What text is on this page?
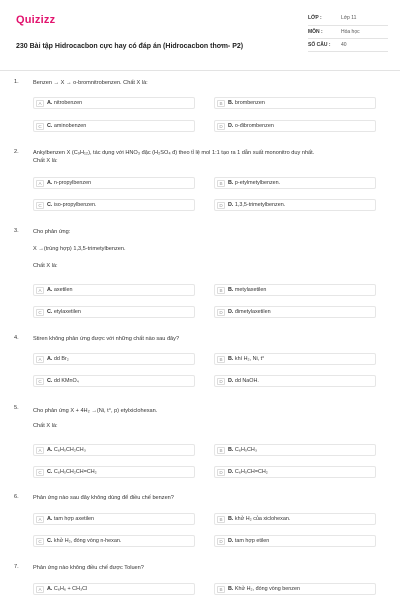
Quizizz
230 Bài tập Hidrocacbon cực hay có đáp án (Hidrocacbon thơm- P2)
LỚP :	Lớp 11
MÔN :	Hóa học
SỐ CÂU :	40
1.	Benzen → X → o-bromnitrobenzen. Chất X là:
A	A. nitrobenzen	B	B. brombenzen
C C. aminobenzen	D D. o-đibrombenzen
2.	Ankylbenzen X (C₉H₁₂), tác dụng với HNO₃ đặc (H₂SO₄ đ) theo tỉ lệ mol 1:1 tạo ra 1 dẫn xuất mononitro duy nhất.
Chất X là:
A	A. n-propylbenzen	B	B. p-etylmetylbenzen.
C C. iso-propylbenzen.	D D. 1,3,5-trimetylbenzen.
3.	Cho phản ứng:
X →(trùng hợp) 1,3,5-trimetylbenzen.
Chất X là:
A	A. axetilen	B	B. metylaxetilen
C C. etylaxetilen	D D. đimetylaxetilen
4.	Stiren không phản ứng được với những chất nào sau đây?
A	A. dd Br₂	B	B. khí H₂, Ni, t°
C C. dd KMnO₄	D D. dd NaOH.
5.	Cho phản ứng X + 4H₂ →(Ni, t°, p) etylxiclohexan.
Chất X là:
A	A. C₆H₅CH₂CH₃	B	B. C₆H₅CH₃
C C. C₆H₅CH₂CH=CH₂	D D. C₆H₅CH=CH₂
6.	Phản ứng nào sau đây không dùng để điều chế benzen?
A	A. tam hợp axetilen	B	B. khử H₂ của xiclohexan.
C C. khử H₂, đóng vòng n-hexan.	D D. tam hợp etilen
7.	Phản ứng nào không điều chế được Toluen?
A	A. C₆H₆ + CH₃Cl	B	B. Khử H₂, đóng vòng benzen
